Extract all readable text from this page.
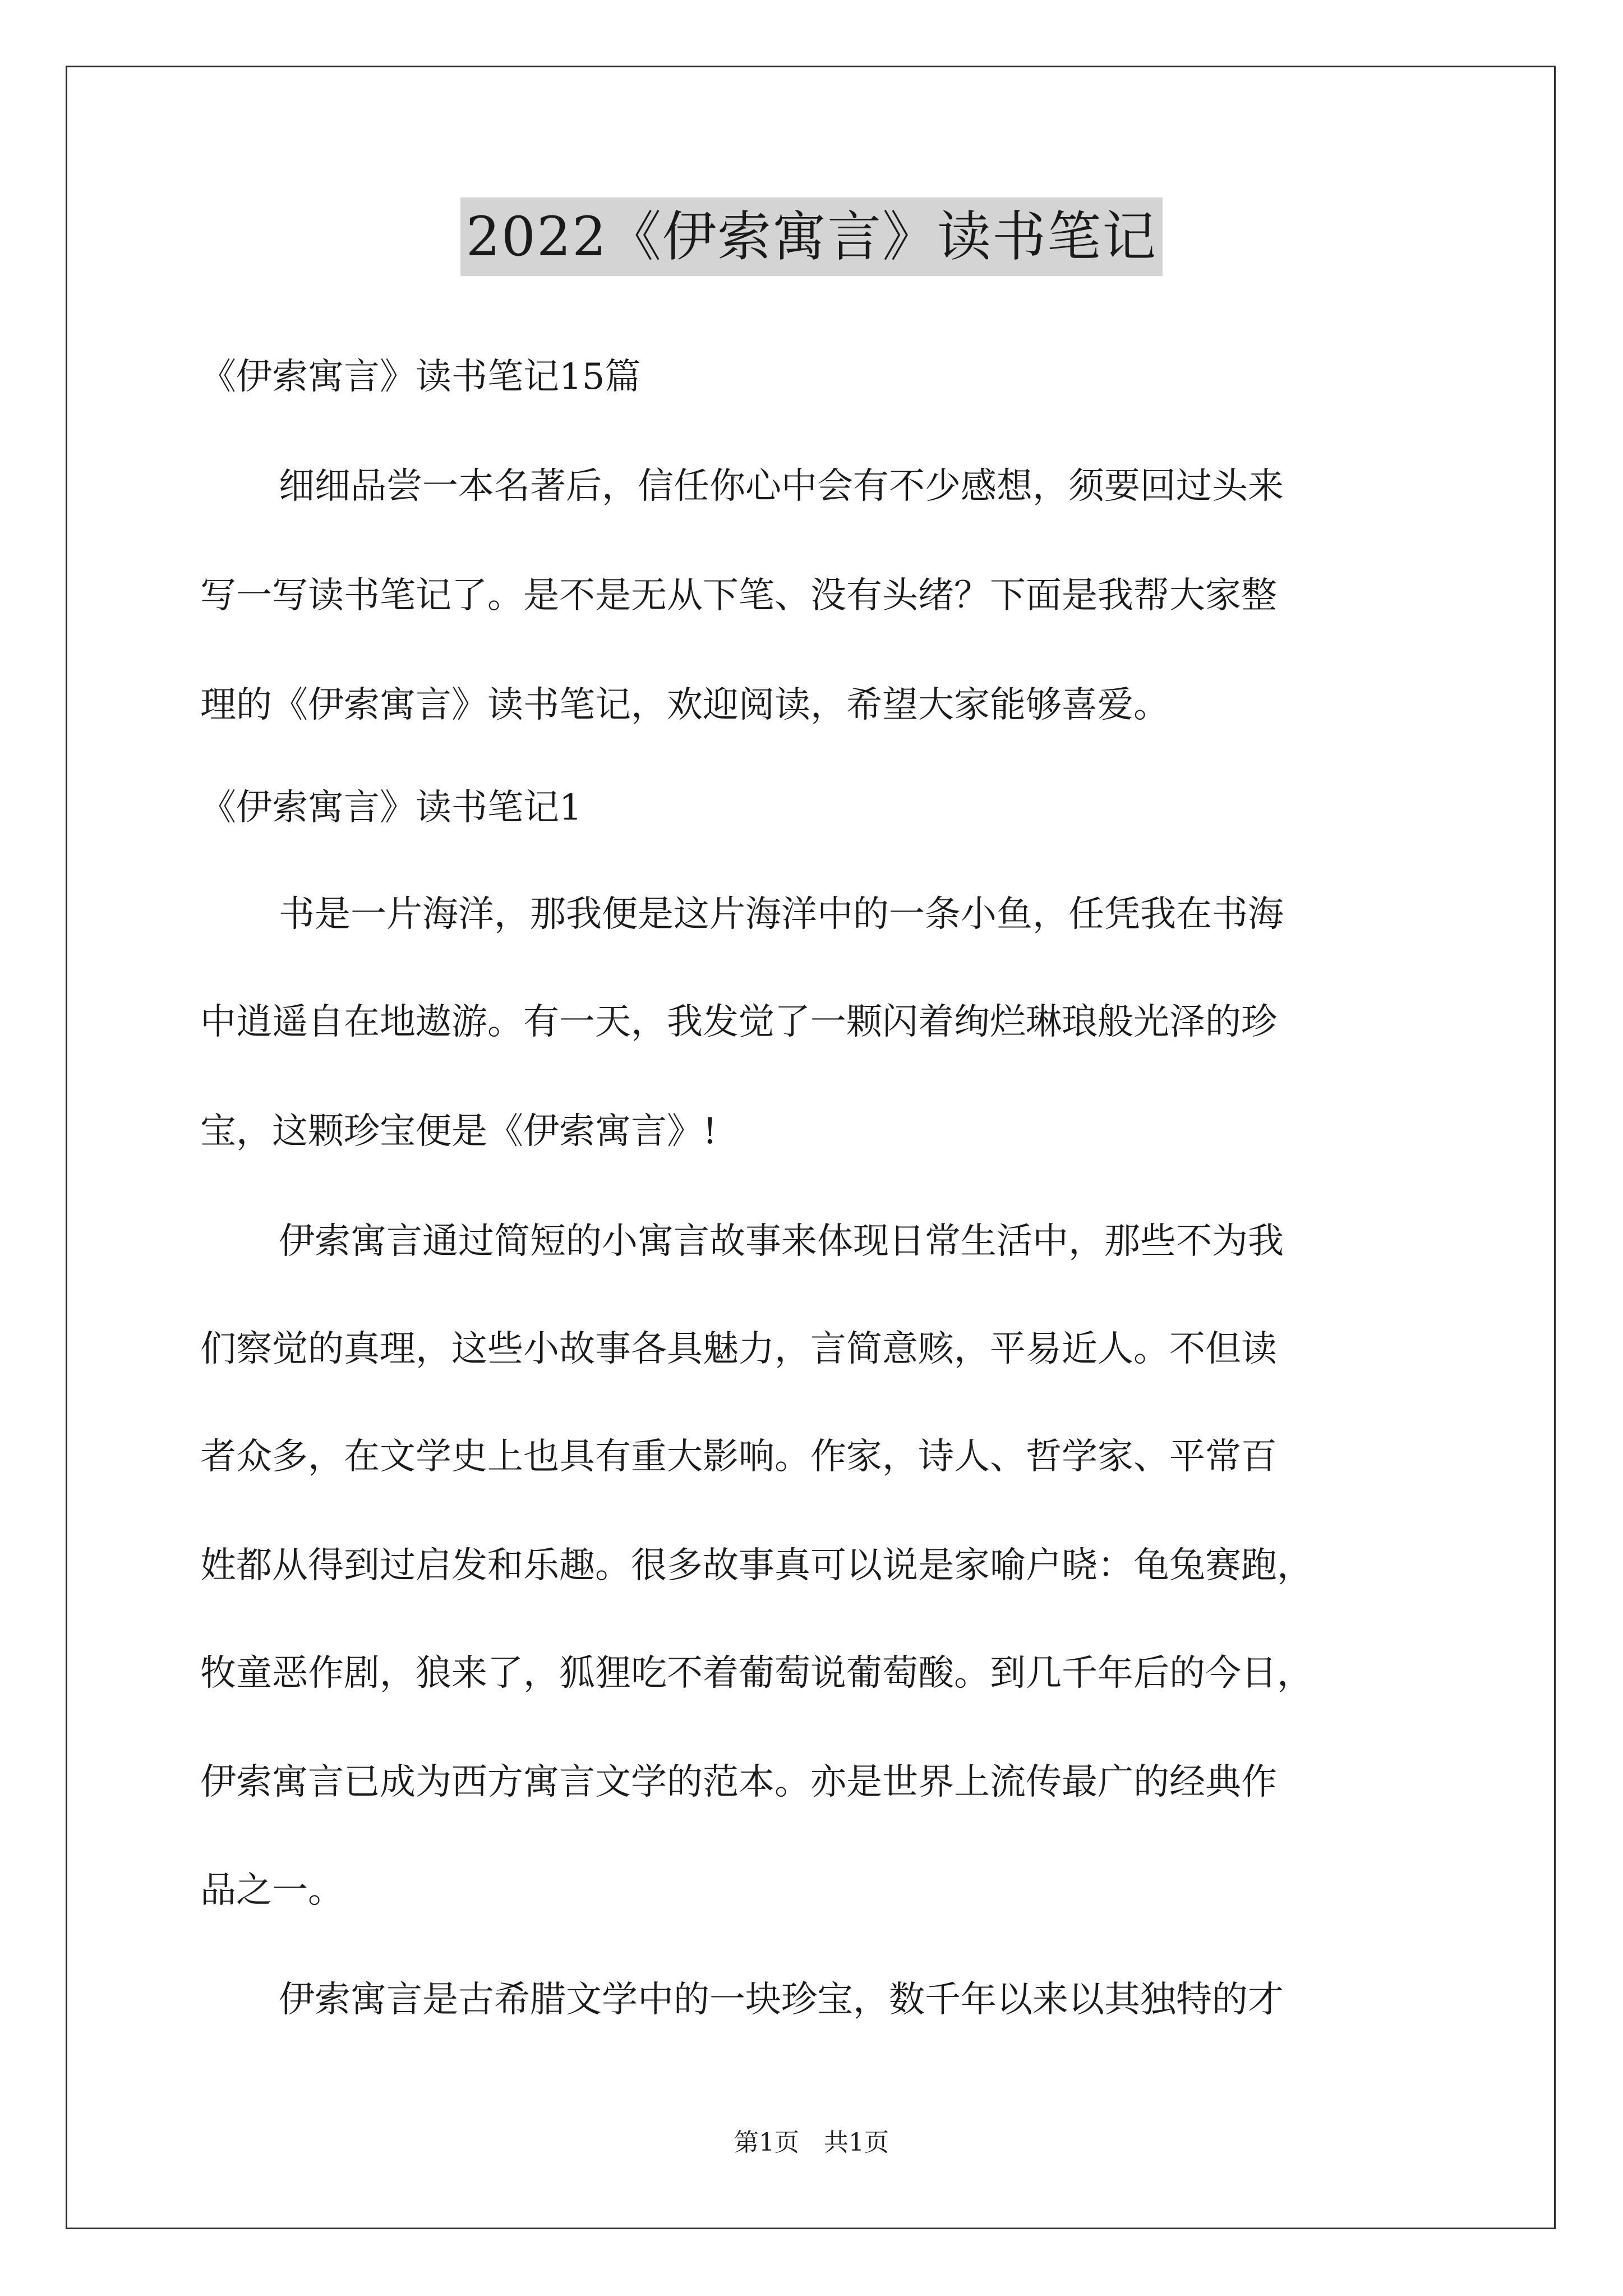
2022《伊索寓言》读书笔记

《伊索寓言》读书笔记15篇

细细品尝一本名著后，信任你心中会有不少感想，须要回过头来

写一写读书笔记了。是不是无从下笔、没有头绪？下面是我帮大家整

理的《伊索寓言》读书笔记，欢迎阅读，希望大家能够喜爱。

《伊索寓言》读书笔记1

书是一片海洋，那我便是这片海洋中的一条小鱼，任凭我在书海

中逍遥自在地遨游。有一天，我发觉了一颗闪着绚烂琳琅般光泽的珍

宝，这颗珍宝便是《伊索寓言》!

伊索寓言通过简短的小寓言故事来体现日常生活中，那些不为我

们察觉的真理，这些小故事各具魅力，言简意赅，平易近人。不但读

者众多，在文学史上也具有重大影响。作家，诗人、哲学家、平常百

姓都从得到过启发和乐趣。很多故事真可以说是家喻户晓：龟兔赛跑，

牧童恶作剧，狼来了，狐狸吃不着葡萄说葡萄酸。到几千年后的今日，

伊索寓言已成为西方寓言文学的范本。亦是世界上流传最广的经典作

品之一。

伊索寓言是古希腊文学中的一块珍宝，数千年以来以其独特的才

第1页　共1页
